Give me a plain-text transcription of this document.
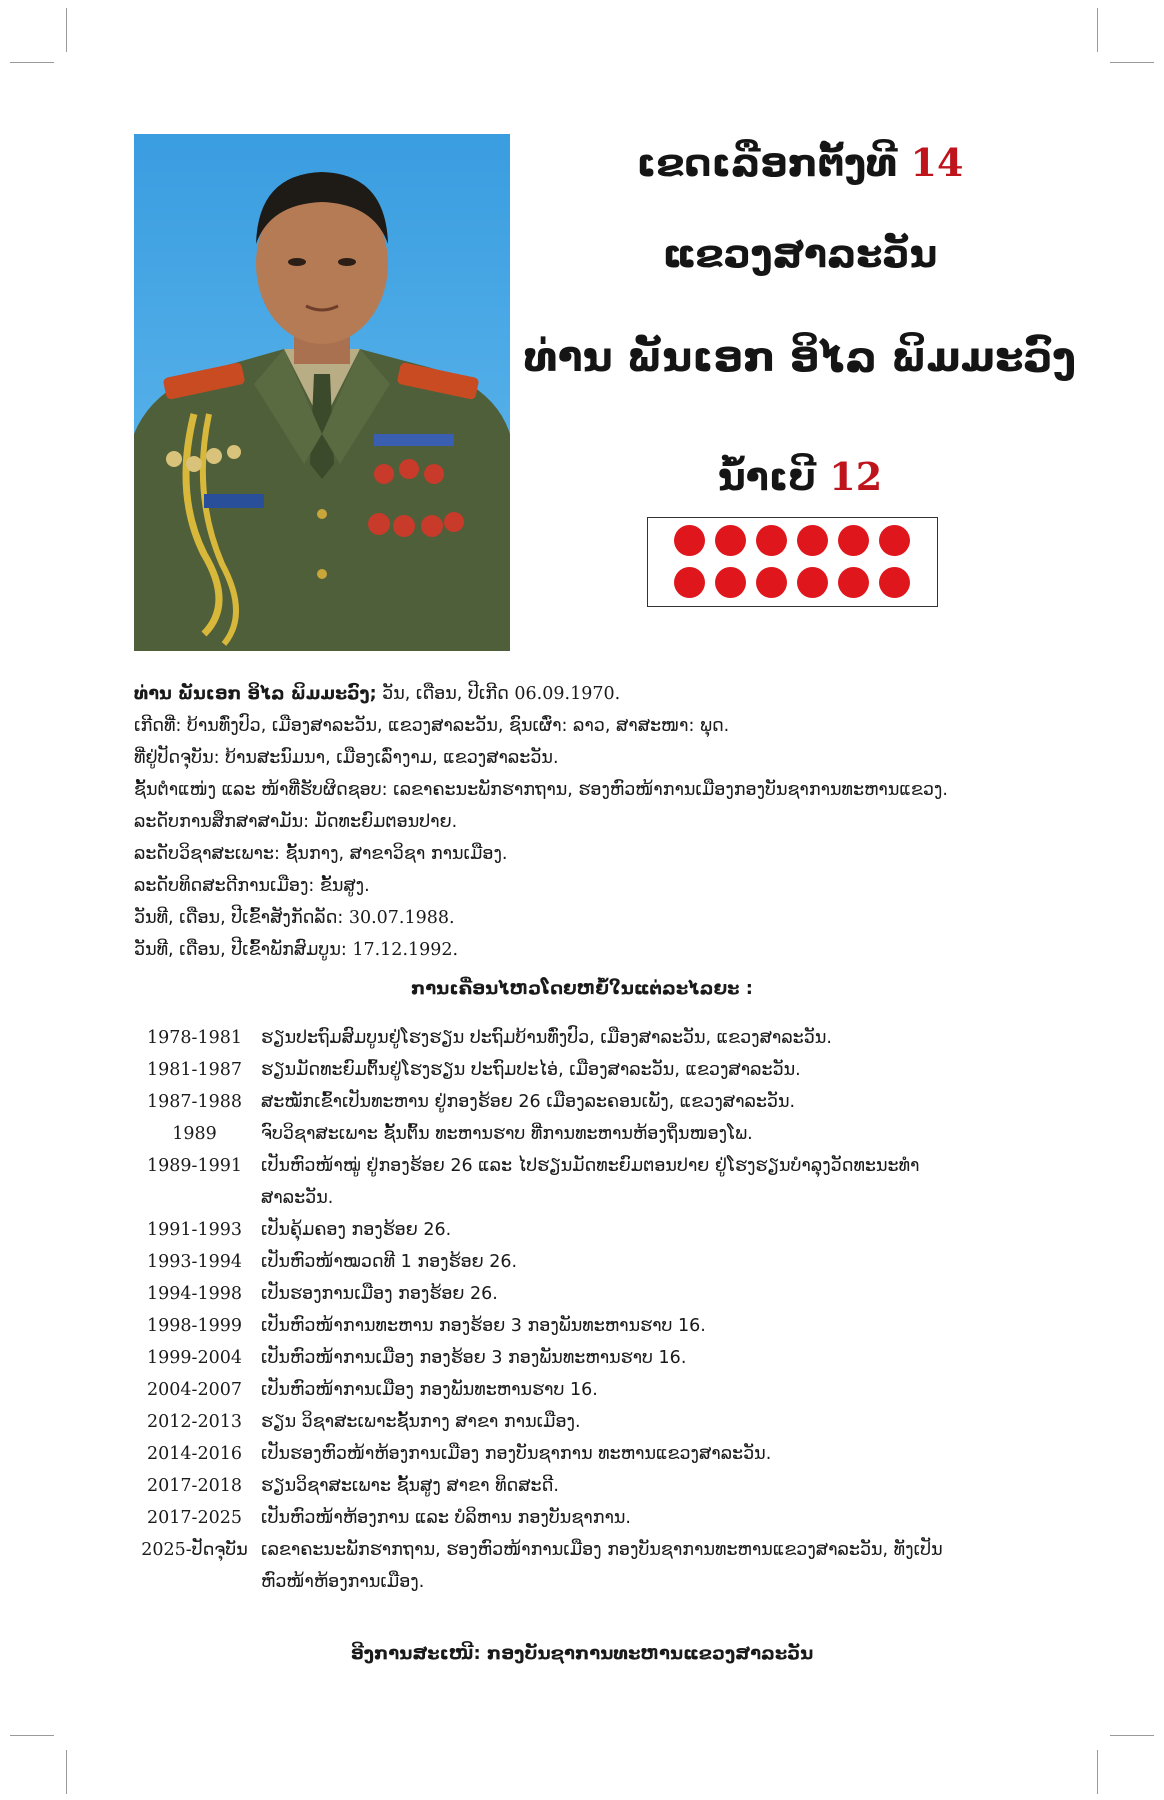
ເຂດເລືອກຕັ້ງທີ 14
ແຂວງສາລະວັນ
ທ່ານ ພັນເອກ ອິໄລ ພິມມະວົງ
ນ້ຳເບີ 12
ທ່ານ ພັນເອກ ອິໄລ ພິມມະວົງ; ວັນ, ເດືອນ, ປີເກີດ 06.09.1970.
ເກີດທີ່: ບ້ານທົ່ງປົວ, ເມືອງສາລະວັນ, ແຂວງສາລະວັນ, ຊົນເຜົ່າ: ລາວ, ສາສະໜາ: ພຸດ.
ທີ່ຢູ່ປັດຈຸບັນ: ບ້ານສະນົມນາ, ເມືອງເລົ່າງາມ, ແຂວງສາລະວັນ.
ຊັ້ນຕຳແໜ່ງ ແລະ ໜ້າທີ່ຮັບຜິດຊອບ: ເລຂາຄະນະພັກຮາກຖານ, ຮອງຫົວໜ້າການເມືອງກອງບັນຊາການທະຫານແຂວງ.
ລະດັບການສຶກສາສາມັນ: ມັດທະຍົມຕອນປາຍ.
ລະດັບວິຊາສະເພາະ: ຊັ້ນກາງ, ສາຂາວິຊາ ການເມືອງ.
ລະດັບທິດສະດີການເມືອງ: ຂັ້ນສູງ.
ວັນທີ, ເດືອນ, ປີເຂົ້າສັງກັດລັດ: 30.07.1988.
ວັນທີ, ເດືອນ, ປີເຂົ້າພັກສົມບູນ: 17.12.1992.
ການເຄື່ອນໄຫວໂດຍຫຍໍ້ໃນແຕ່ລະໄລຍະ :
1978-1981	ຮຽນປະຖົມສົມບູນຢູ່ໂຮງຮຽນ ປະຖົມບ້ານທົ່ງປົວ, ເມືອງສາລະວັນ, ແຂວງສາລະວັນ.
1981-1987	ຮຽນມັດທະຍົມຕົ້ນຢູ່ໂຮງຮຽນ ປະຖົມປະໄອ່, ເມືອງສາລະວັນ, ແຂວງສາລະວັນ.
1987-1988	ສະໝັກເຂົ້າເປັນທະຫານ ຢູ່ກອງຮ້ອຍ 26 ເມືອງລະຄອນເພັງ, ແຂວງສາລະວັນ.
1989	ຈົບວິຊາສະເພາະ ຊັ້ນຕົ້ນ ທະຫານຮາບ ທີ່ການທະຫານຫ້ອງຖິ່ນໜອງໂພ.
1989-1991	ເປັນຫົວໜ້າໝູ່ ຢູ່ກອງຮ້ອຍ 26 ແລະ ໄປຮຽນມັດທະຍົມຕອນປາຍ ຢູ່ໂຮງຮຽນບຳລຸງວັດທະນະທຳສາລະວັນ.
1991-1993	ເປັນຄຸ້ມຄອງ ກອງຮ້ອຍ 26.
1993-1994	ເປັນຫົວໜ້າໝວດທີ 1 ກອງຮ້ອຍ 26.
1994-1998	ເປັນຮອງການເມືອງ ກອງຮ້ອຍ 26.
1998-1999	ເປັນຫົວໜ້າການທະຫານ ກອງຮ້ອຍ 3 ກອງພັນທະຫານຮາບ 16.
1999-2004	ເປັນຫົວໜ້າການເມືອງ ກອງຮ້ອຍ 3 ກອງພັນທະຫານຮາບ 16.
2004-2007	ເປັນຫົວໜ້າການເມືອງ ກອງພັນທະຫານຮາບ 16.
2012-2013	ຮຽນ ວິຊາສະເພາະຊັ້ນກາງ ສາຂາ ການເມືອງ.
2014-2016	ເປັນຮອງຫົວໜ້າຫ້ອງການເມືອງ ກອງບັນຊາການ ທະຫານແຂວງສາລະວັນ.
2017-2018	ຮຽນວິຊາສະເພາະ ຊັ້ນສູງ ສາຂາ ທິດສະດີ.
2017-2025	ເປັນຫົວໜ້າຫ້ອງການ ແລະ ບໍລິຫານ ກອງບັນຊາການ.
2025-ປັດຈຸບັນ ເລຂາຄະນະພັກຮາກຖານ, ຮອງຫົວໜ້າການເມືອງ ກອງບັນຊາການທະຫານແຂວງສາລະວັນ, ທັງເປັນຫົວໜ້າຫ້ອງການເມືອງ.
ອີງການສະເໜີ: ກອງບັນຊາການທະຫານແຂວງສາລະວັນ
